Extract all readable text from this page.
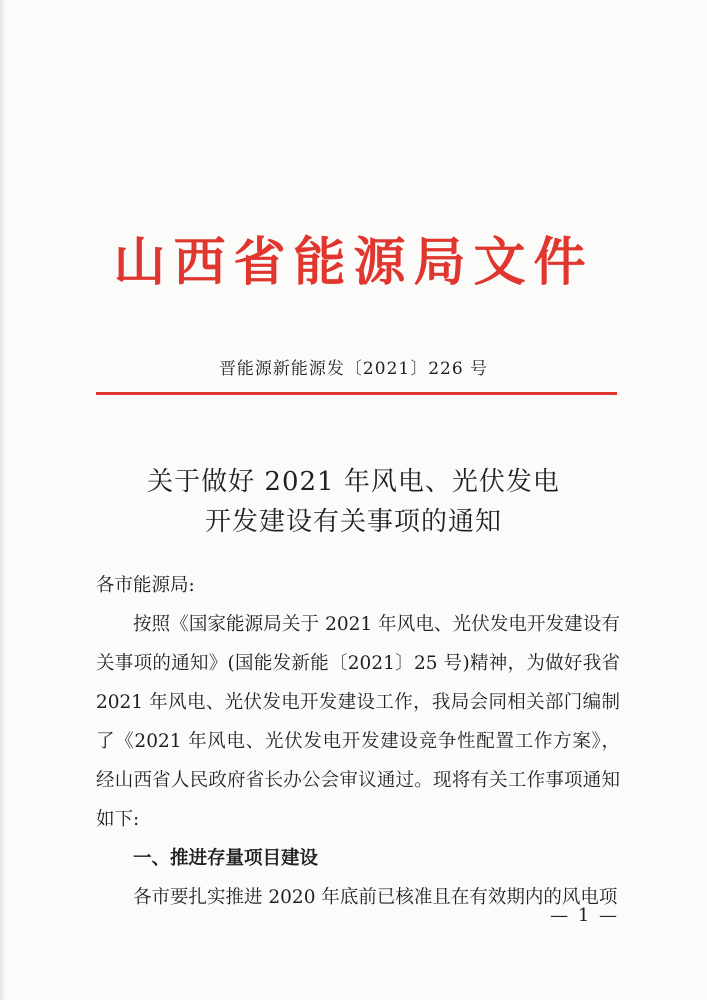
山西省能源局文件
晋能源新能源发〔2021〕226 号
关于做好 2021 年风电、光伏发电
开发建设有关事项的通知

各市能源局:

按照《国家能源局关于 2021 年风电、光伏发电开发建设有关事项的通知》(国能发新能〔2021〕25 号)精神，为做好我省 2021 年风电、光伏发电开发建设工作，我局会同相关部门编制了《2021 年风电、光伏发电开发建设竞争性配置工作方案》，经山西省人民政府省长办公会审议通过。现将有关工作事项通知如下:

一、推进存量项目建设

各市要扎实推进 2020 年底前已核准且在有效期内的风电项

— 1 —
